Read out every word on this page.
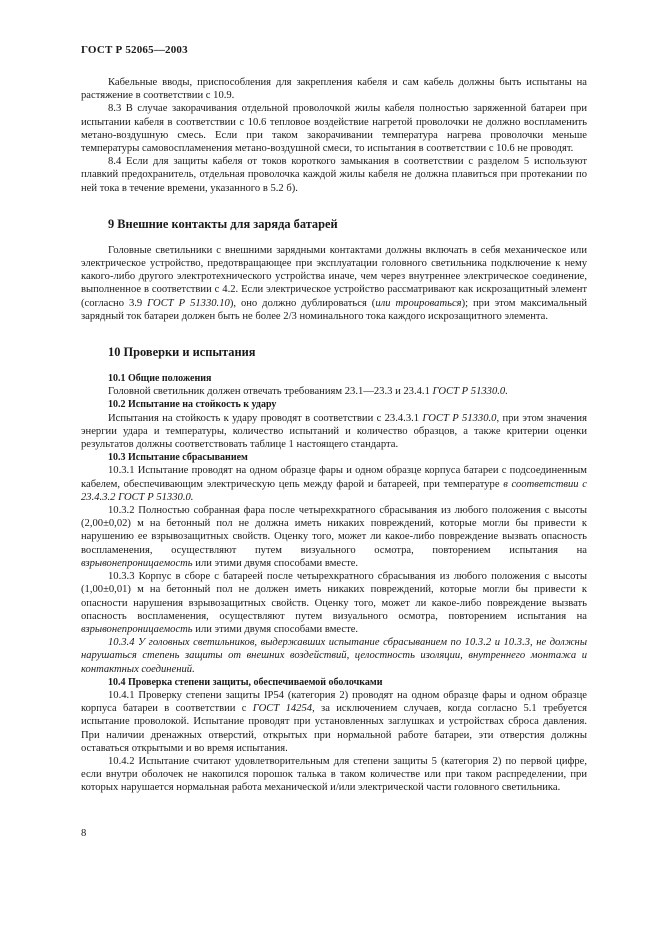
ГОСТ Р 52065—2003

Кабельные вводы, приспособления для закрепления кабеля и сам кабель должны быть испытаны на растяжение в соответствии с 10.9.

8.3 В случае закорачивания отдельной проволочкой жилы кабеля полностью заряженной батареи при испытании кабеля в соответствии с 10.6 тепловое воздействие нагретой проволочки не должно воспламенить метано-воздушную смесь. Если при таком закорачивании температура нагрева проволочки меньше температуры самовоспламенения метано-воздушной смеси, то испытания в соответствии с 10.6 не проводят.

8.4 Если для защиты кабеля от токов короткого замыкания в соответствии с разделом 5 используют плавкий предохранитель, отдельная проволочка каждой жилы кабеля не должна плавиться при протекании по ней тока в течение времени, указанного в 5.2 б).

9 Внешние контакты для заряда батарей

Головные светильники с внешними зарядными контактами должны включать в себя механическое или электрическое устройство, предотвращающее при эксплуатации головного светильника подключение к нему какого-либо другого электротехнического устройства иначе, чем через внутреннее электрическое соединение, выполненное в соответствии с 4.2. Если электрическое устройство рассматривают как искрозащитный элемент (согласно 3.9 ГОСТ Р 51330.10), оно должно дублироваться (или троироваться); при этом максимальный зарядный ток батареи должен быть не более 2/3 номинального тока каждого искрозащитного элемента.

10 Проверки и испытания
10.1 Общие положения

Головной светильник должен отвечать требованиям 23.1—23.3 и 23.4.1 ГОСТ Р 51330.0.

10.2 Испытание на стойкость к удару

Испытания на стойкость к удару проводят в соответствии с 23.4.3.1 ГОСТ Р 51330.0, при этом значения энергии удара и температуры, количество испытаний и количество образцов, а также критерии оценки результатов должны соответствовать таблице 1 настоящего стандарта.

10.3 Испытание сбрасыванием

10.3.1 Испытание проводят на одном образце фары и одном образце корпуса батареи с подсоединенным кабелем, обеспечивающим электрическую цепь между фарой и батареей, при температуре в соответствии с 23.4.3.2 ГОСТ Р 51330.0.

10.3.2 Полностью собранная фара после четырехкратного сбрасывания из любого положения с высоты (2,00±0,02) м на бетонный пол не должна иметь никаких повреждений, которые могли бы привести к нарушению ее взрывозащитных свойств. Оценку того, может ли какое-либо повреждение вызвать опасность воспламенения, осуществляют путем визуального осмотра, повторением испытания на взрывонепроницаемость или этими двумя способами вместе.

10.3.3 Корпус в сборе с батареей после четырехкратного сбрасывания из любого положения с высоты (1,00±0,01) м на бетонный пол не должен иметь никаких повреждений, которые могли бы привести к опасности нарушения взрывозащитных свойств. Оценку того, может ли какое-либо повреждение вызвать опасность воспламенения, осуществляют путем визуального осмотра, повторением испытания на взрывонепроницаемость или этими двумя способами вместе.

10.3.4 У головных светильников, выдержавших испытание сбрасыванием по 10.3.2 и 10.3.3, не должны нарушаться степень защиты от внешних воздействий, целостность изоляции, внутреннего монтажа и контактных соединений.

10.4 Проверка степени защиты, обеспечиваемой оболочками

10.4.1 Проверку степени защиты IP54 (категория 2) проводят на одном образце фары и одном образце корпуса батареи в соответствии с ГОСТ 14254, за исключением случаев, когда согласно 5.1 требуется испытание проволокой. Испытание проводят при установленных заглушках и устройствах сброса давления. При наличии дренажных отверстий, открытых при нормальной работе батареи, эти отверстия должны оставаться открытыми и во время испытания.

10.4.2 Испытание считают удовлетворительным для степени защиты 5 (категория 2) по первой цифре, если внутри оболочек не накопился порошок талька в таком количестве или при таком распределении, при которых нарушается нормальная работа механической и/или электрической части головного светильника.

8
